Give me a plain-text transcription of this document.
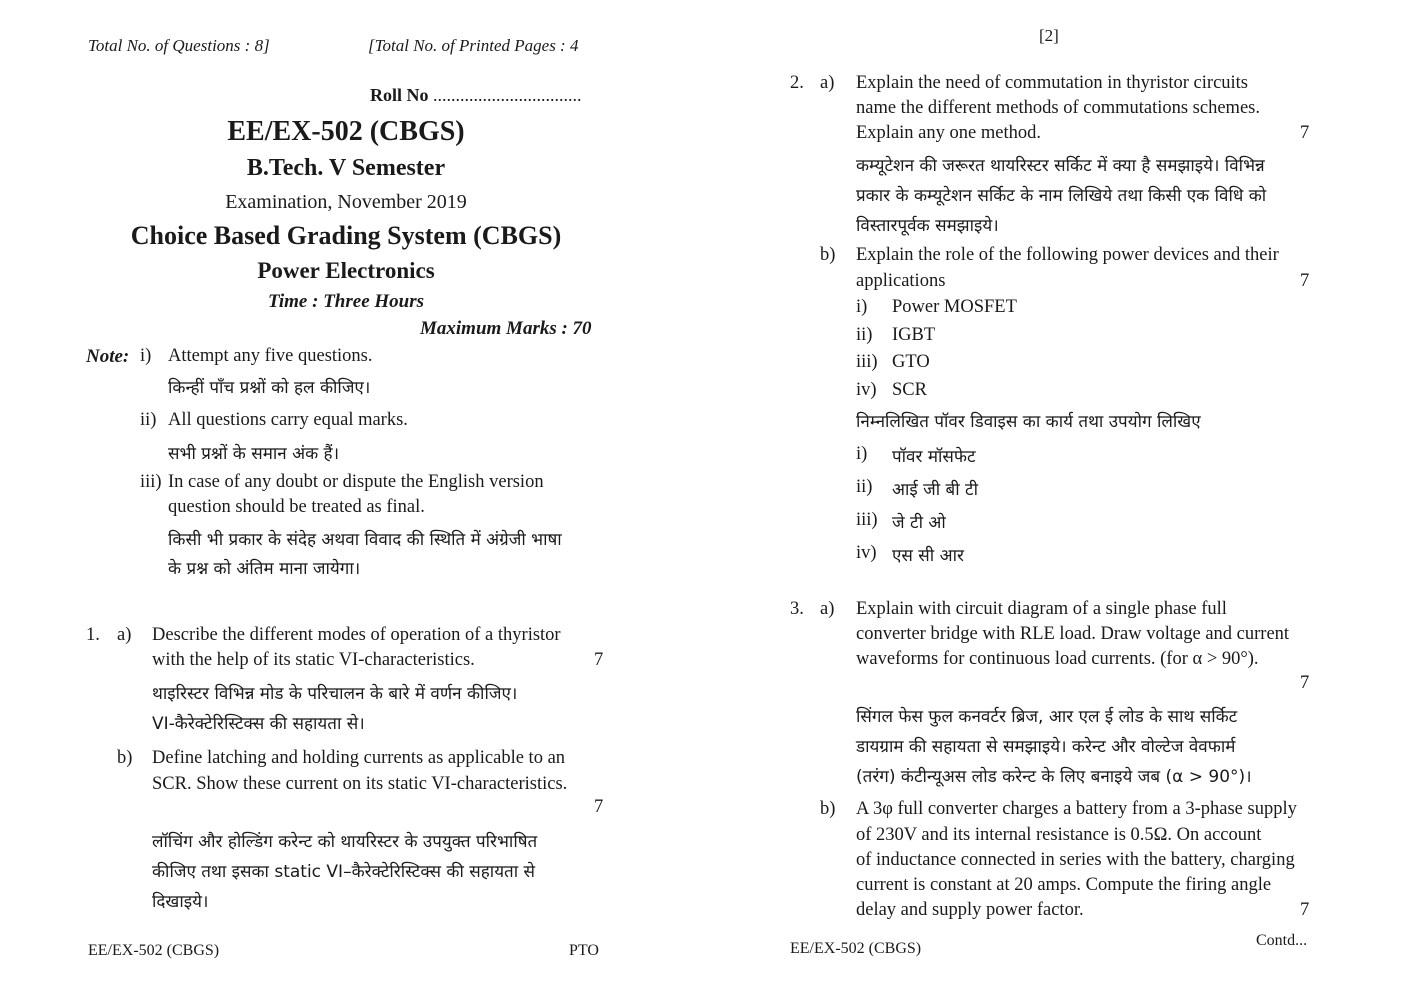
Total No. of Questions : 8]	[Total No. of Printed Pages : 4
Roll No .................................
EE/EX-502 (CBGS)
B.Tech. V Semester
Examination, November 2019
Choice Based Grading System (CBGS)
Power Electronics
Time : Three Hours
Maximum Marks : 70
Note: i) Attempt any five questions.
किन्हीं पाँच प्रश्नों को हल कीजिए।
ii) All questions carry equal marks.
सभी प्रश्नों के समान अंक हैं।
iii) In case of any doubt or dispute the English version
question should be treated as final.
किसी भी प्रकार के संदेह अथवा विवाद की स्थिति में अंग्रेजी भाषा
के प्रश्न को अंतिम माना जायेगा।
1. a) Describe the different modes of operation of a thyristor
with the help of its static VI-characteristics.	7
थाइरिस्टर विभिन्न मोड के परिचालन के बारे में वर्णन कीजिए।
VI-कैरेक्टेरिस्टिक्स की सहायता से।
b) Define latching and holding currents as applicable to an
SCR. Show these current on its static VI-characteristics.
7
लॉचिंग और होल्डिंग करेन्ट को थायरिस्टर के उपयुक्त परिभाषित
कीजिए तथा इसका static VI–कैरेक्टेरिस्टिक्स की सहायता से
दिखाइये।
EE/EX-502 (CBGS)	PTO
[2]
2. a) Explain the need of commutation in thyristor circuits
name the different methods of commutations schemes.
Explain any one method.	7
कम्यूटेशन की जरूरत थायरिस्टर सर्किट में क्या है समझाइये। विभिन्न
प्रकार के कम्यूटेशन सर्किट के नाम लिखिये तथा किसी एक विधि को
विस्तारपूर्वक समझाइये।
b) Explain the role of the following power devices and their
applications	7
i) Power MOSFET
ii) IGBT
iii) GTO
iv) SCR
निम्नलिखित पॉवर डिवाइस का कार्य तथा उपयोग लिखिए
i) पॉवर मॉसफेट
ii) आई जी बी टी
iii) जे टी ओ
iv) एस सी आर
3. a) Explain with circuit diagram of a single phase full
converter bridge with RLE load. Draw voltage and current
waveforms for continuous load currents. (for α > 90°).
7
सिंगल फेस फुल कनवर्टर ब्रिज, आर एल ई लोड के साथ सर्किट
डायग्राम की सहायता से समझाइये। करेन्ट और वोल्टेज वेवफार्म
(तरंग) कंटीन्यूअस लोड करेन्ट के लिए बनाइये जब (α > 90°)।
b) A 3φ full converter charges a battery from a 3-phase supply
of 230V and its internal resistance is 0.5Ω. On account
of inductance connected in series with the battery, charging
current is constant at 20 amps. Compute the firing angle
delay and supply power factor.	7
EE/EX-502 (CBGS)	Contd...
